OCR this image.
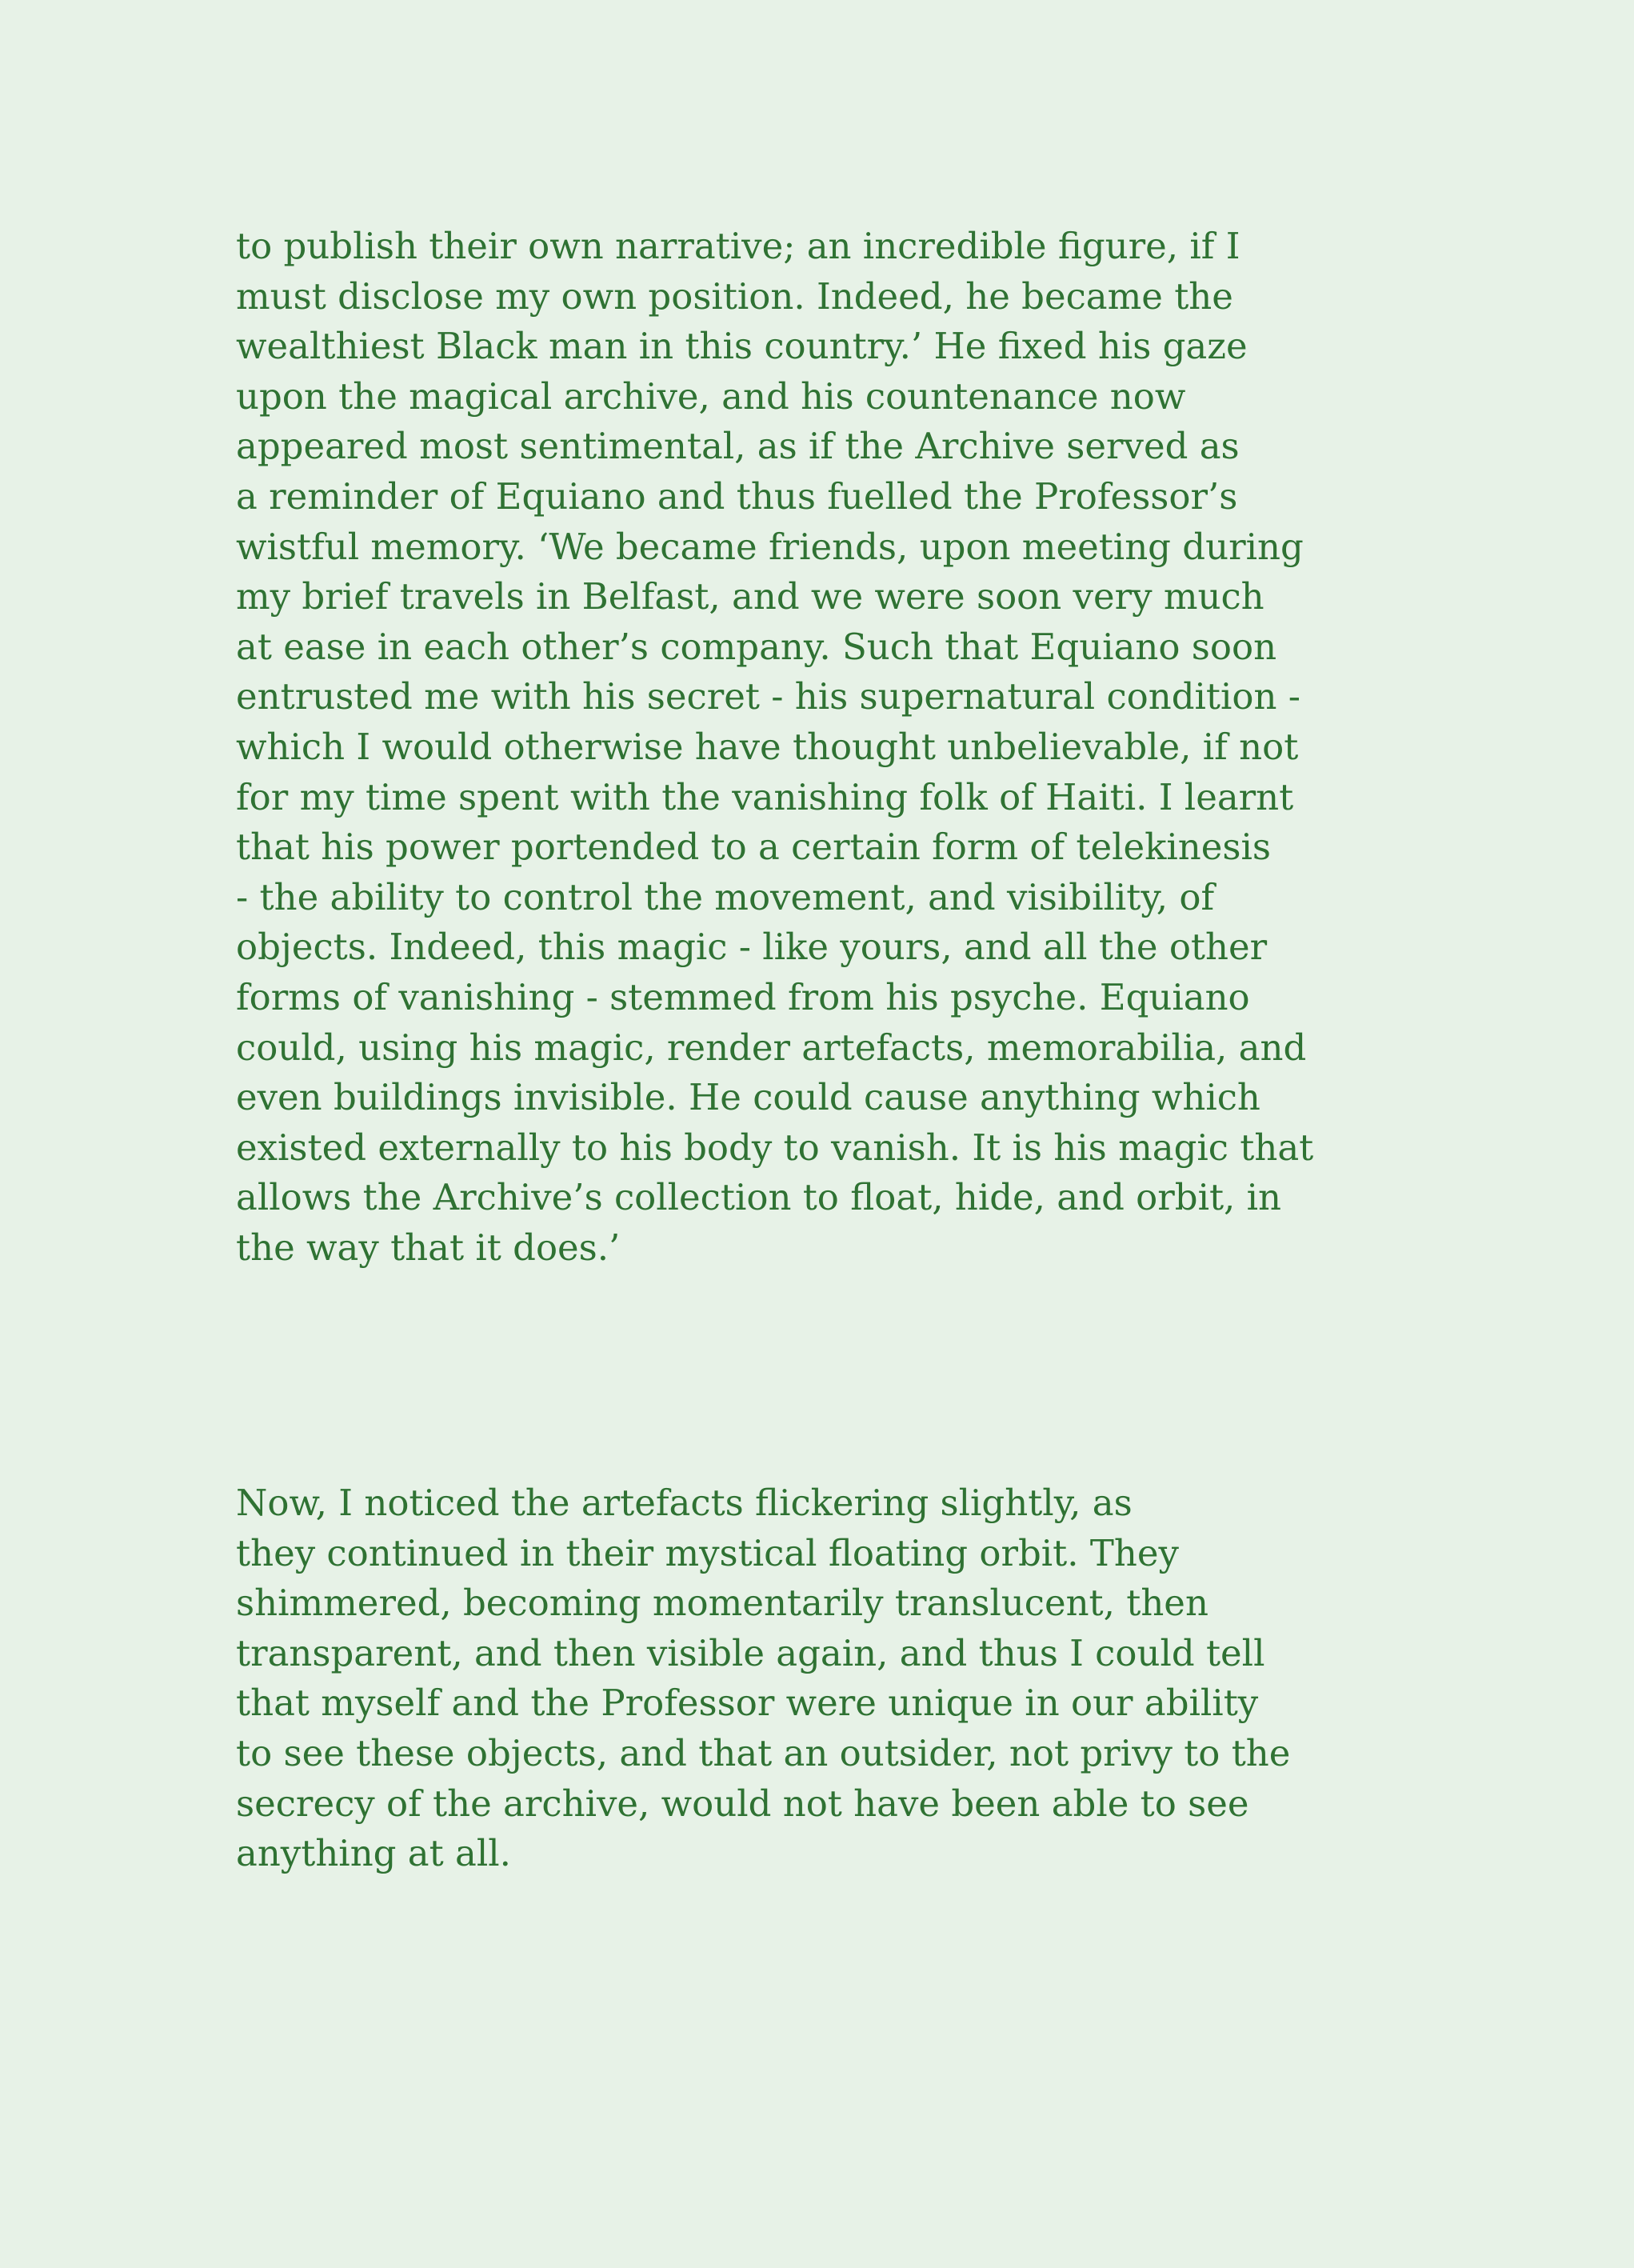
to publish their own narrative; an incredible figure, if I
must disclose my own position. Indeed, he became the
wealthiest Black man in this country.’ He fixed his gaze
upon the magical archive, and his countenance now
appeared most sentimental, as if the Archive served as
a reminder of Equiano and thus fuelled the Professor’s
wistful memory. ‘We became friends, upon meeting during
my brief travels in Belfast, and we were soon very much
at ease in each other’s company. Such that Equiano soon
entrusted me with his secret - his supernatural condition -
which I would otherwise have thought unbelievable, if not
for my time spent with the vanishing folk of Haiti. I learnt
that his power portended to a certain form of telekinesis
- the ability to control the movement, and visibility, of
objects. Indeed, this magic - like yours, and all the other
forms of vanishing - stemmed from his psyche. Equiano
could, using his magic, render artefacts, memorabilia, and
even buildings invisible. He could cause anything which
existed externally to his body to vanish. It is his magic that
allows the Archive’s collection to float, hide, and orbit, in
the way that it does.’
Now, I noticed the artefacts flickering slightly, as
they continued in their mystical floating orbit. They
shimmered, becoming momentarily translucent, then
transparent, and then visible again, and thus I could tell
that myself and the Professor were unique in our ability
to see these objects, and that an outsider, not privy to the
secrecy of the archive, would not have been able to see
anything at all.
